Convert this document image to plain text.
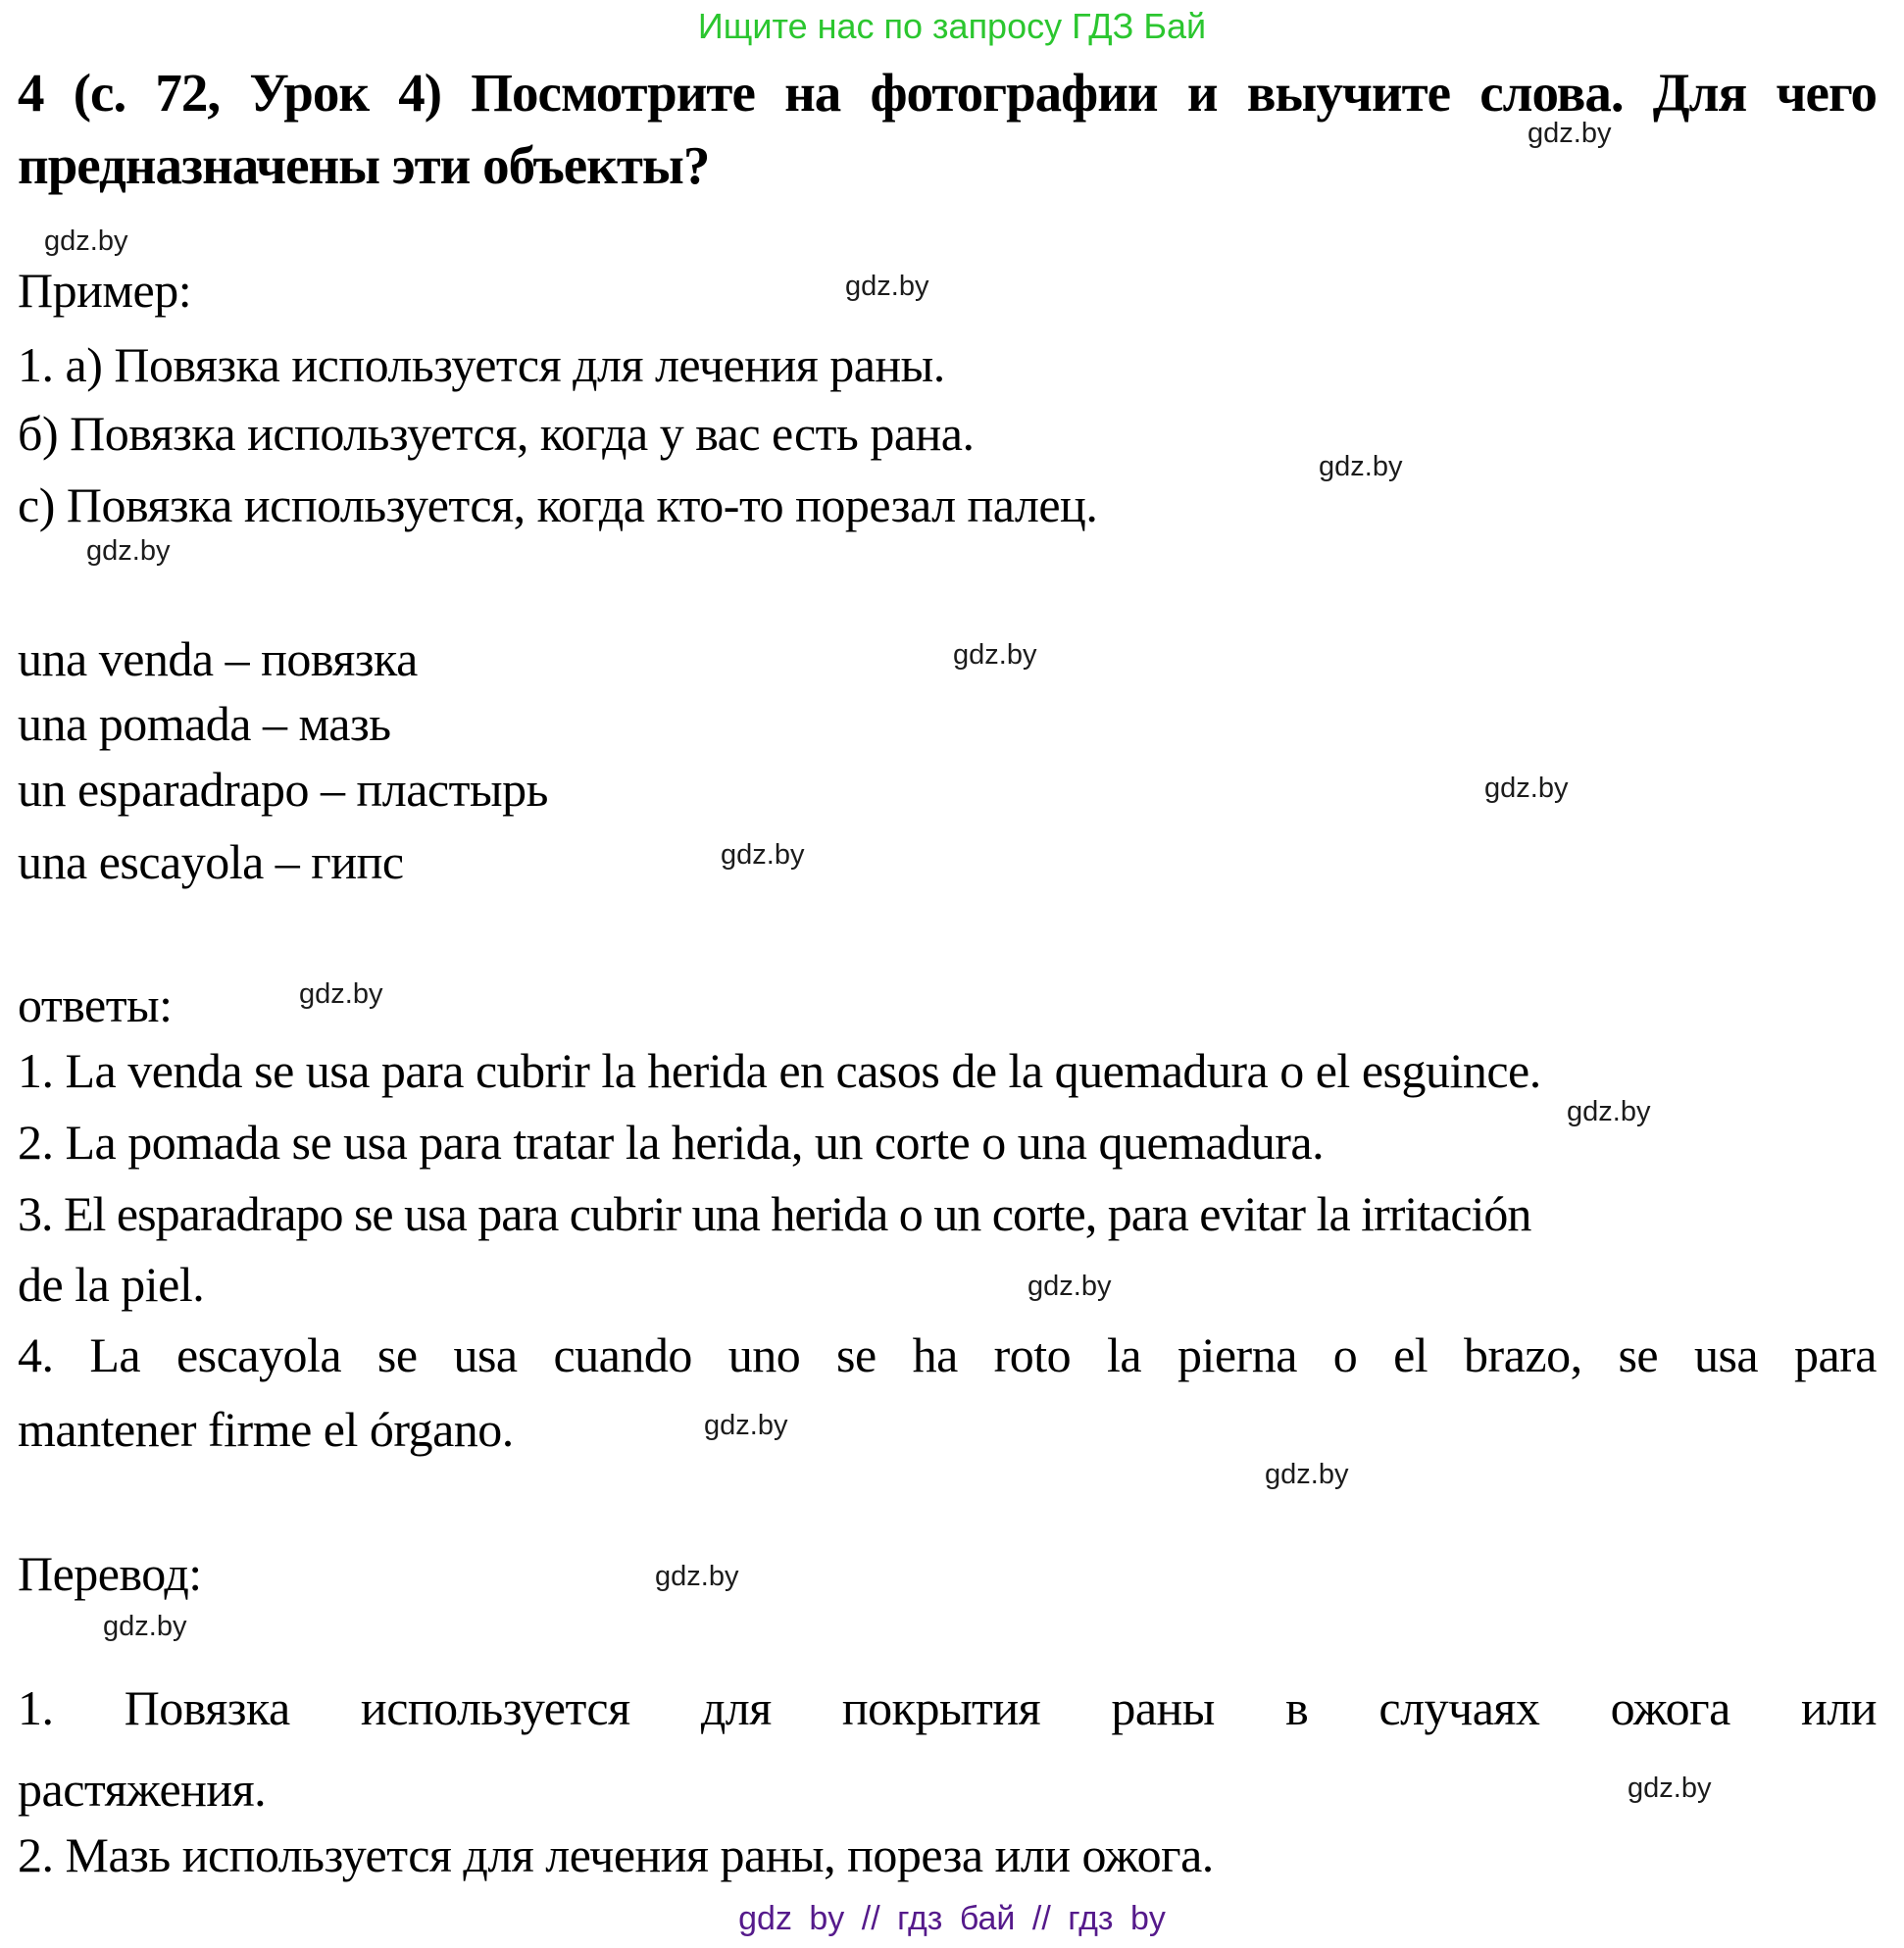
Ищите нас по запросу ГДЗ Бай
4 (с. 72, Урок 4) Посмотрите на фотографии и выучите слова. Для чего
предназначены эти объекты?
Пример:
1. а) Повязка используется для лечения раны.
б) Повязка используется, когда у вас есть рана.
с) Повязка используется, когда кто-то порезал палец.
una venda – повязка
una pomada – мазь
un esparadrapo – пластырь
una escayola – гипс
ответы:
1. La venda se usa para cubrir la herida en casos de la quemadura o el esguince.
2. La pomada se usa para tratar la herida, un corte o una quemadura.
3. El esparadrapo se usa para cubrir una herida o un corte, para evitar la irritación
de la piel.
4. La escayola se usa cuando uno se ha roto la pierna o el brazo, se usa para
mantener firme el órgano.
Перевод:
1. Повязка используется для покрытия раны в случаях ожога или
растяжения.
2. Мазь используется для лечения раны, пореза или ожога.
gdz.by
gdz.by
gdz.by
gdz.by
gdz.by
gdz.by
gdz.by
gdz.by
gdz.by
gdz.by
gdz.by
gdz.by
gdz.by
gdz.by
gdz.by
gdz.by
gdz by // гдз бай // гдз by
